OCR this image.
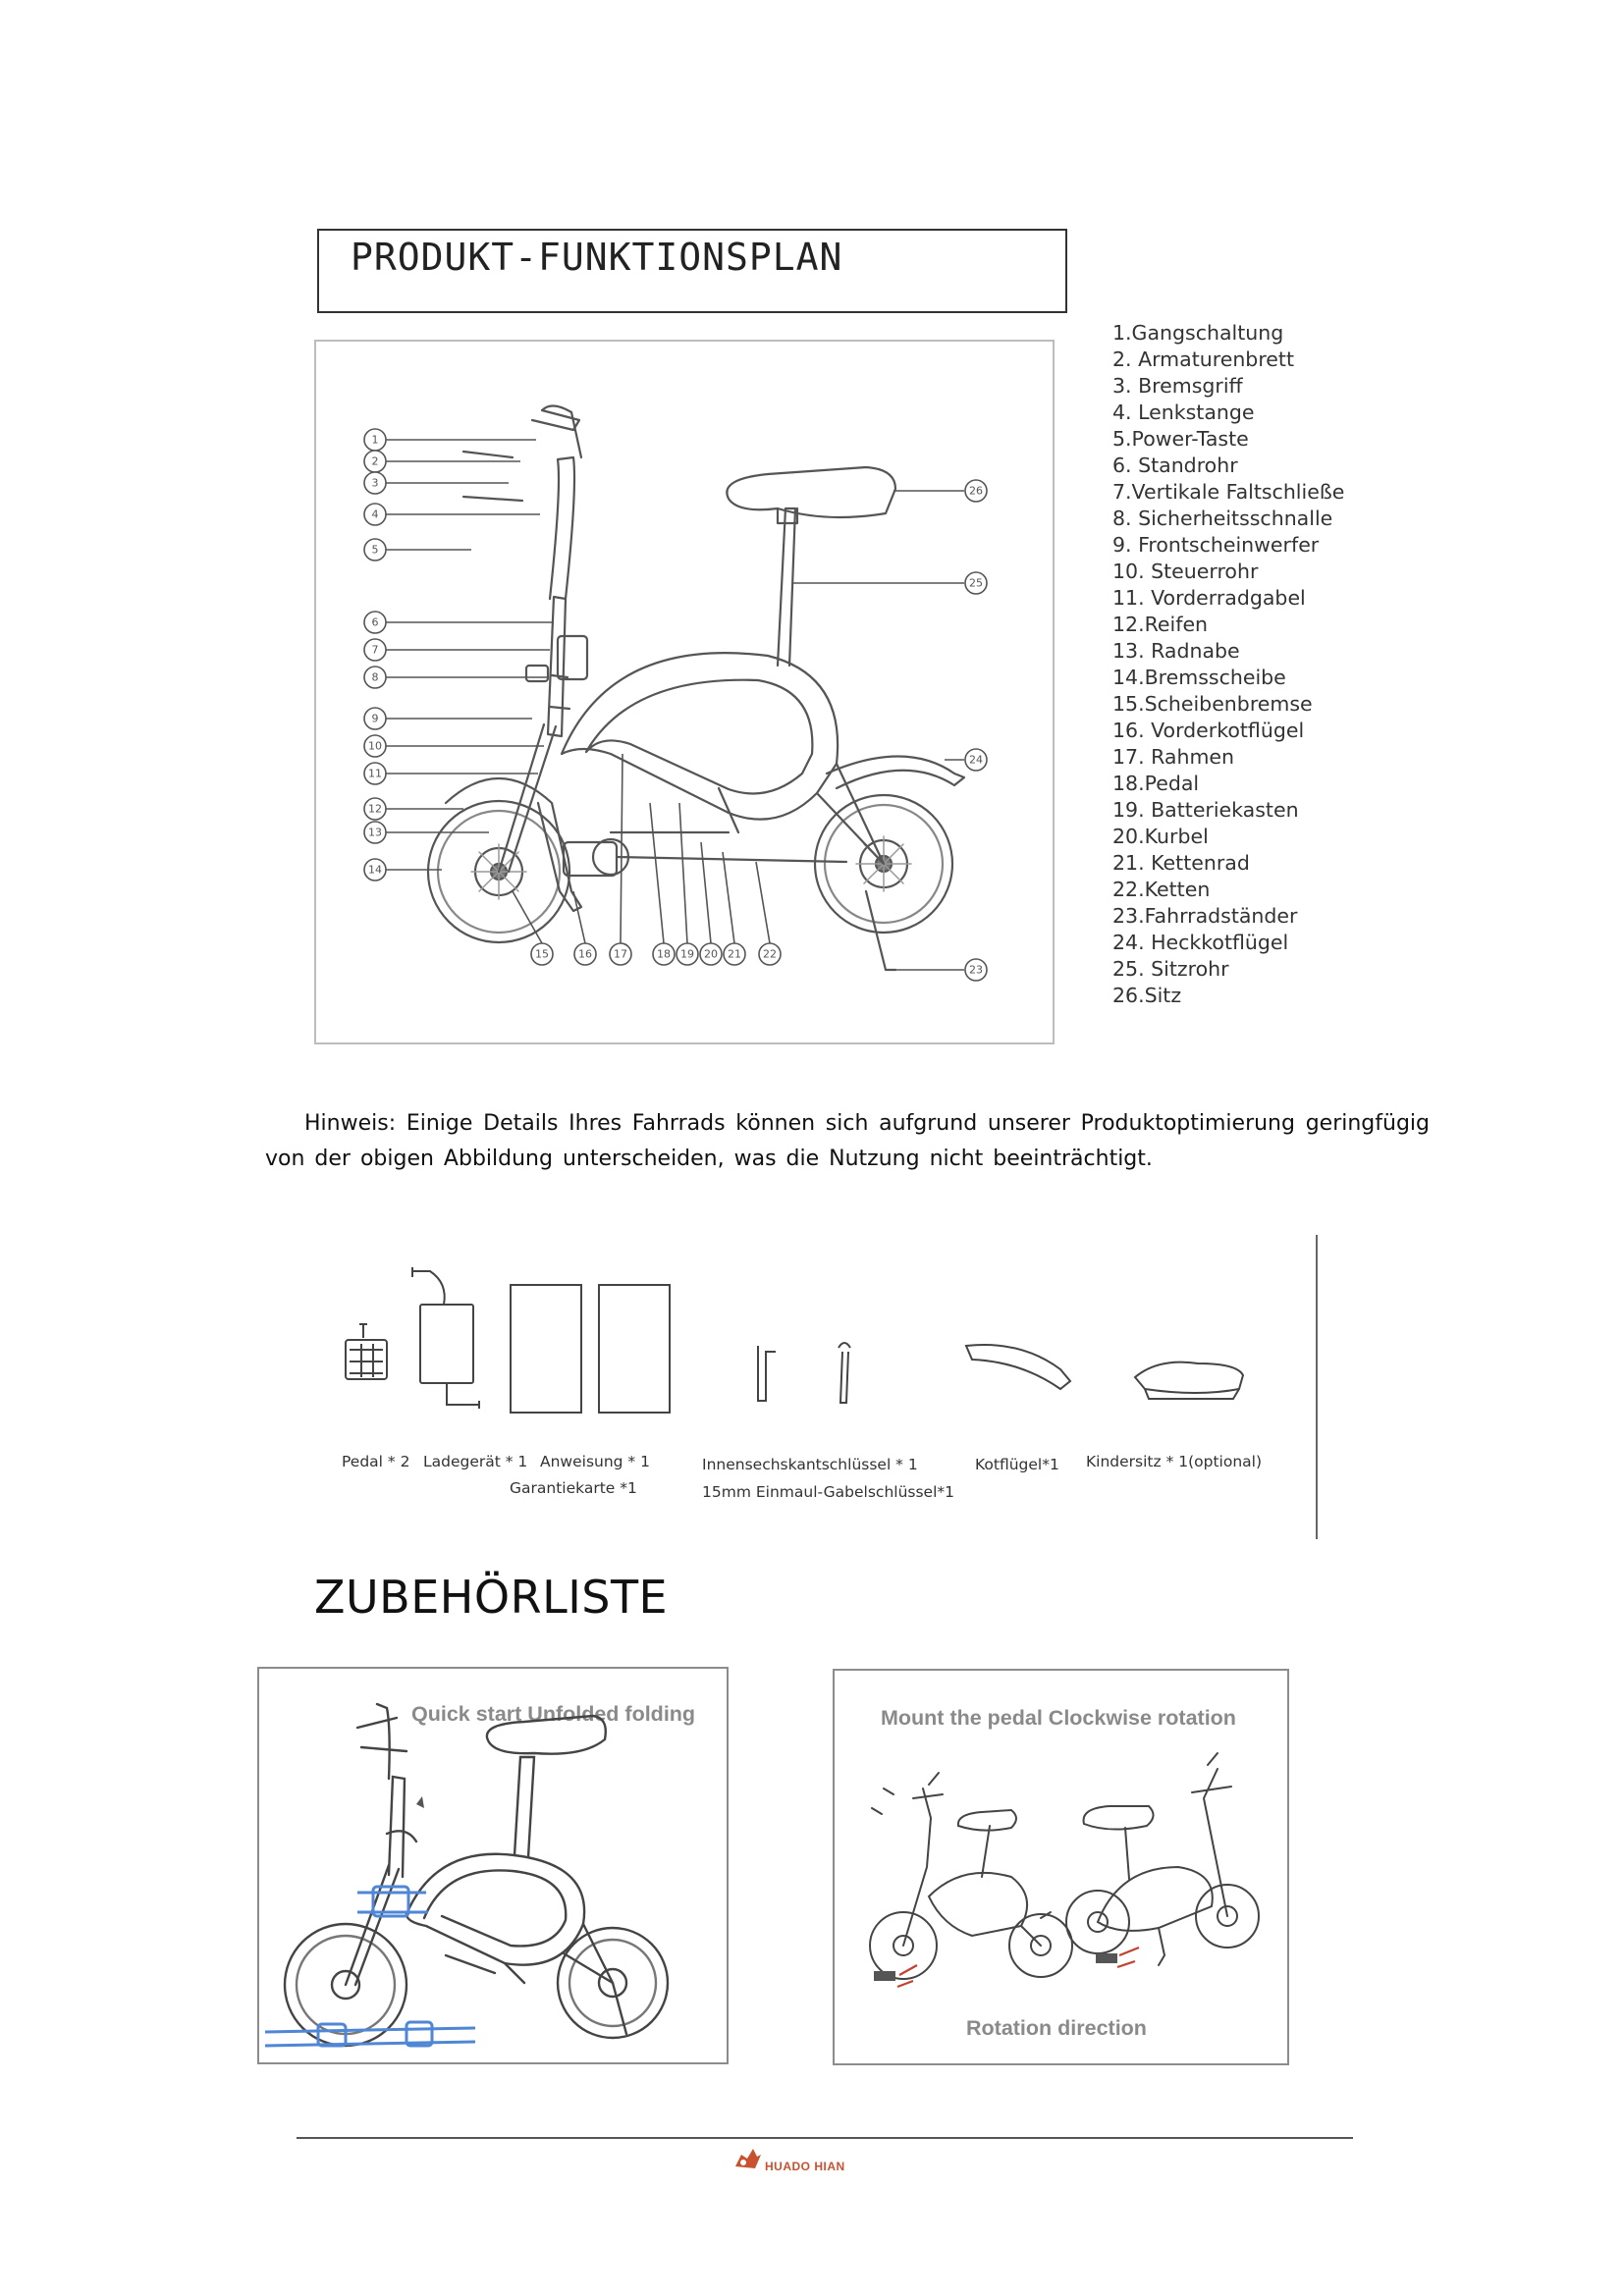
PRODUKT-FUNKTIONSPLAN
1
2
3
4
5
6
7
8
9
10
11
12
13
14
15	16 17	18 19 20 21 22
26
25
24
23
1.Gangschaltung
2. Armaturenbrett
3. Bremsgriff
4. Lenkstange
5.Power-Taste
6. Standrohr
7.Vertikale Faltschließe
8. Sicherheitsschnalle
9. Frontscheinwerfer
10. Steuerrohr
11. Vorderradgabel
12.Reifen
13. Radnabe
14.Bremsscheibe
15.Scheibenbremse
16. Vorderkotflügel
17. Rahmen
18.Pedal
19. Batteriekasten
20.Kurbel
21. Kettenrad
22.Ketten
23.Fahrradständer
24. Heckkotflügel
25. Sitzrohr
26.Sitz

Hinweis: Einige Details Ihres Fahrrads können sich aufgrund unserer Produktoptimierung geringfügig von der obigen Abbildung unterscheiden, was die Nutzung nicht beeinträchtigt.

Pedal * 2 Ladegerät * 1 Anweisung * 1
Garantiekarte *1
Innensechskantschlüssel * 1
15mm Einmaul-Gabelschlüssel*1
Kotflügel*1 Kindersitz * 1(optional)
ZUBEHÖRLISTE
Quick start Unfolded folding	Mount the pedal Clockwise rotation
Rotation direction
HUADO HIAN
